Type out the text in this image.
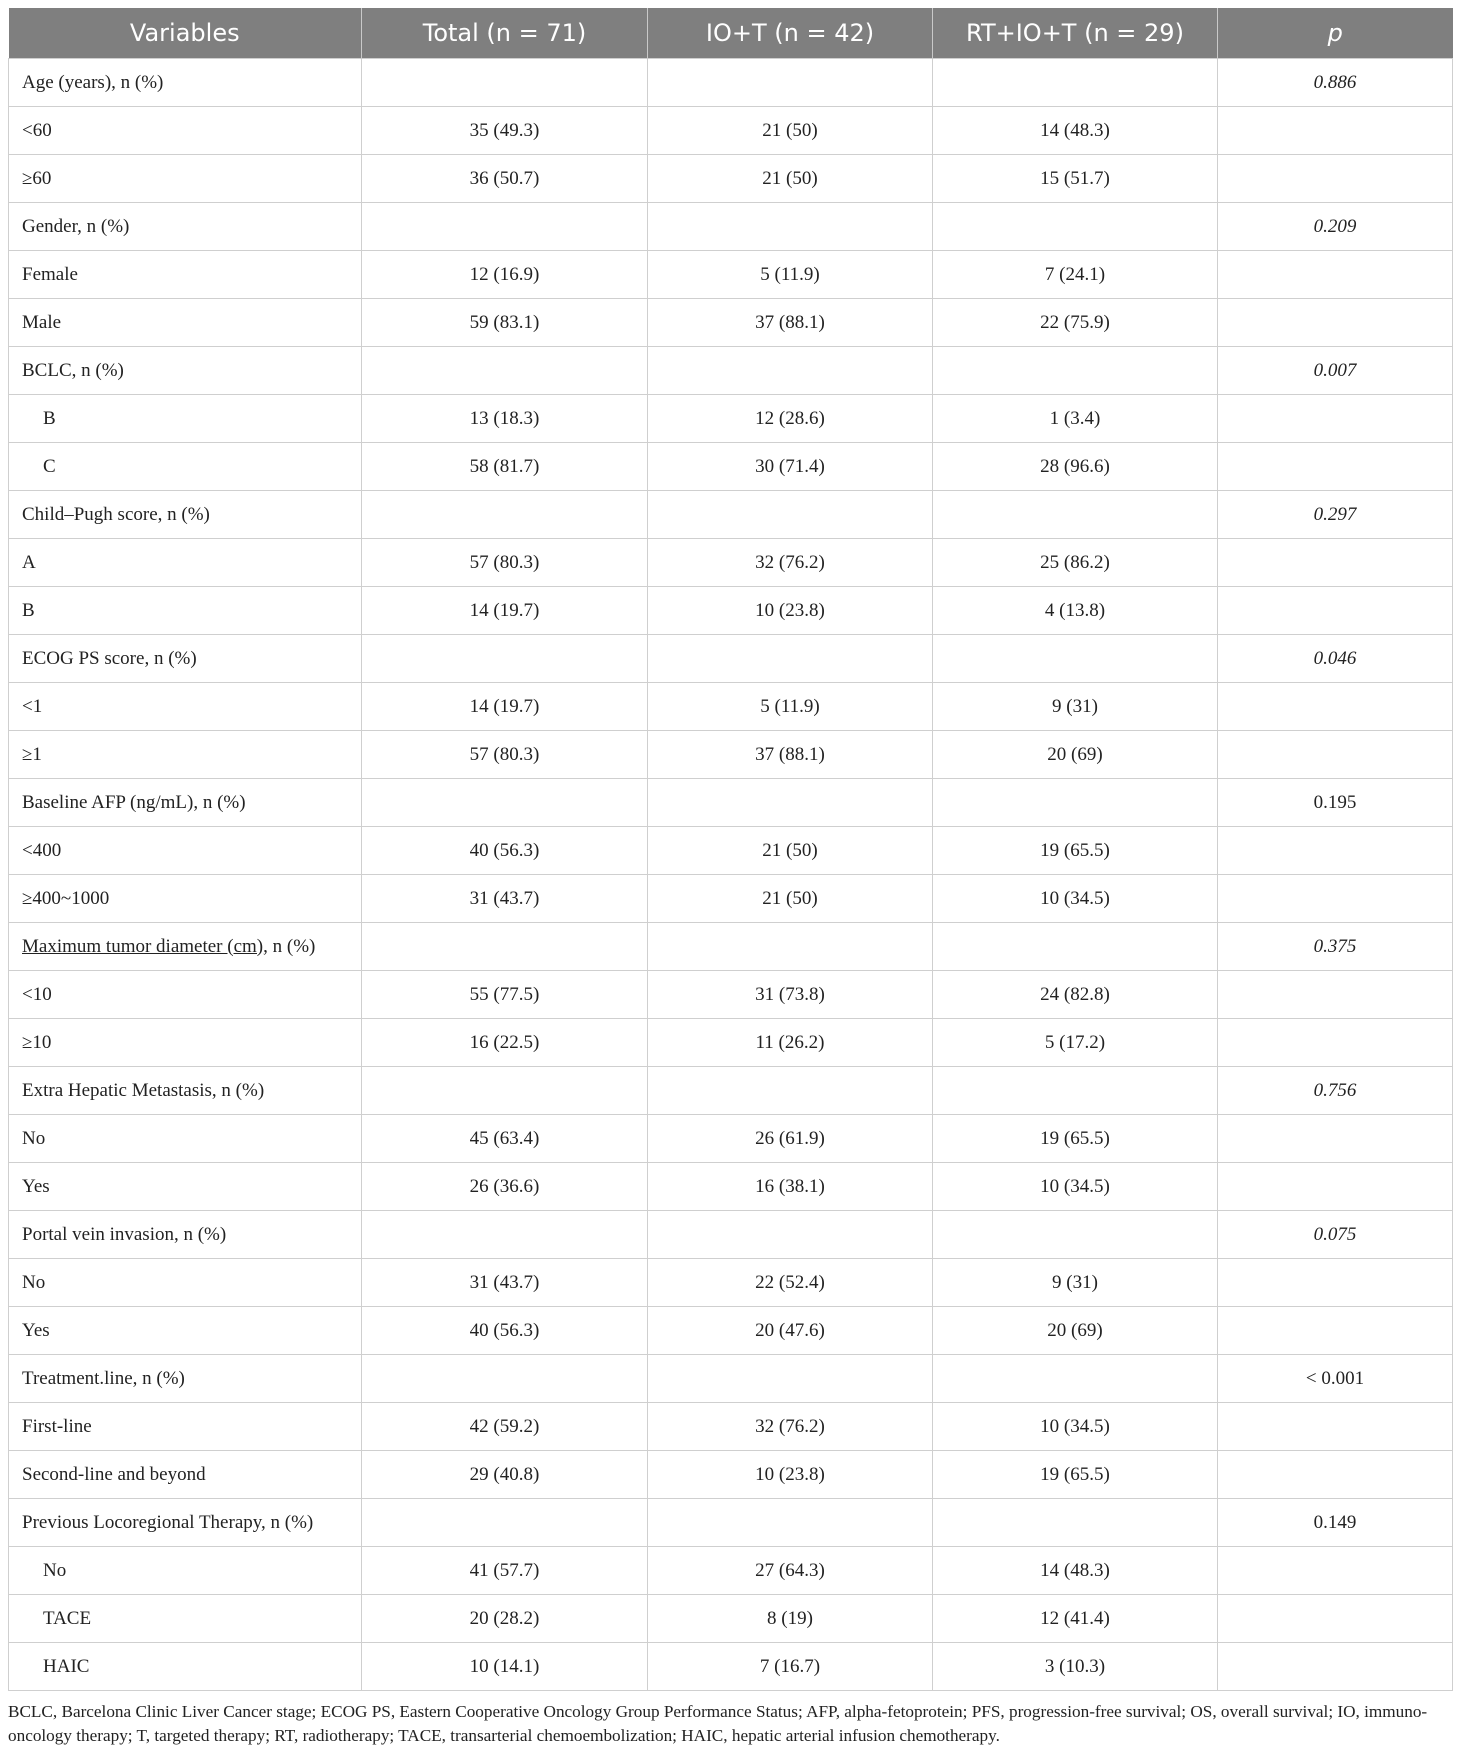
Variables	Total (n = 71)	IO+T (n = 42)	RT+IO+T (n = 29)	p
Age (years), n (%)				0.886
<60	35 (49.3)	21 (50)	14 (48.3)	
≥60	36 (50.7)	21 (50)	15 (51.7)	
Gender, n (%)				0.209
Female	12 (16.9)	5 (11.9)	7 (24.1)	
Male	59 (83.1)	37 (88.1)	22 (75.9)	
BCLC, n (%)				0.007
B	13 (18.3)	12 (28.6)	1 (3.4)	
C	58 (81.7)	30 (71.4)	28 (96.6)	
Child–Pugh score, n (%)				0.297
A	57 (80.3)	32 (76.2)	25 (86.2)	
B	14 (19.7)	10 (23.8)	4 (13.8)	
ECOG PS score, n (%)				0.046
<1	14 (19.7)	5 (11.9)	9 (31)	
≥1	57 (80.3)	37 (88.1)	20 (69)	
Baseline AFP (ng/mL), n (%)				0.195
<400	40 (56.3)	21 (50)	19 (65.5)	
≥400~1000	31 (43.7)	21 (50)	10 (34.5)	
Maximum tumor diameter (cm), n (%)				0.375
<10	55 (77.5)	31 (73.8)	24 (82.8)	
≥10	16 (22.5)	11 (26.2)	5 (17.2)	
Extra Hepatic Metastasis, n (%)				0.756
No	45 (63.4)	26 (61.9)	19 (65.5)	
Yes	26 (36.6)	16 (38.1)	10 (34.5)	
Portal vein invasion, n (%)				0.075
No	31 (43.7)	22 (52.4)	9 (31)	
Yes	40 (56.3)	20 (47.6)	20 (69)	
Treatment.line, n (%)				< 0.001
First-line	42 (59.2)	32 (76.2)	10 (34.5)	
Second-line and beyond	29 (40.8)	10 (23.8)	19 (65.5)	
Previous Locoregional Therapy, n (%)				0.149
No	41 (57.7)	27 (64.3)	14 (48.3)	
TACE	20 (28.2)	8 (19)	12 (41.4)	
HAIC	10 (14.1)	7 (16.7)	3 (10.3)	
BCLC, Barcelona Clinic Liver Cancer stage; ECOG PS, Eastern Cooperative Oncology Group Performance Status; AFP, alpha-fetoprotein; PFS, progression-free survival; OS, overall survival; IO, immuno-oncology therapy; T, targeted therapy; RT, radiotherapy; TACE, transarterial chemoembolization; HAIC, hepatic arterial infusion chemotherapy.
